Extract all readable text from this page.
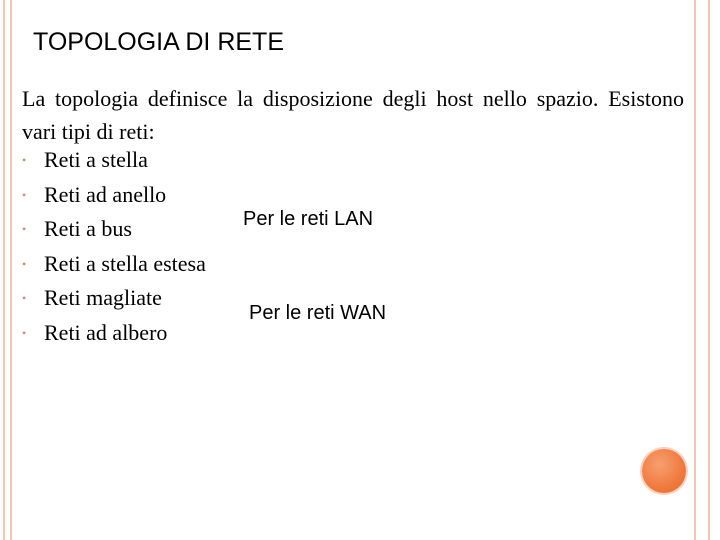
TOPOLOGIA DI RETE

La topologia definisce la disposizione degli host nello spazio. Esistono vari tipi di reti:

• Reti a stella
• Reti ad anello
• Reti a bus
• Reti a stella estesa
• Reti magliate
• Reti ad albero
Per le reti LAN
Per le reti WAN
